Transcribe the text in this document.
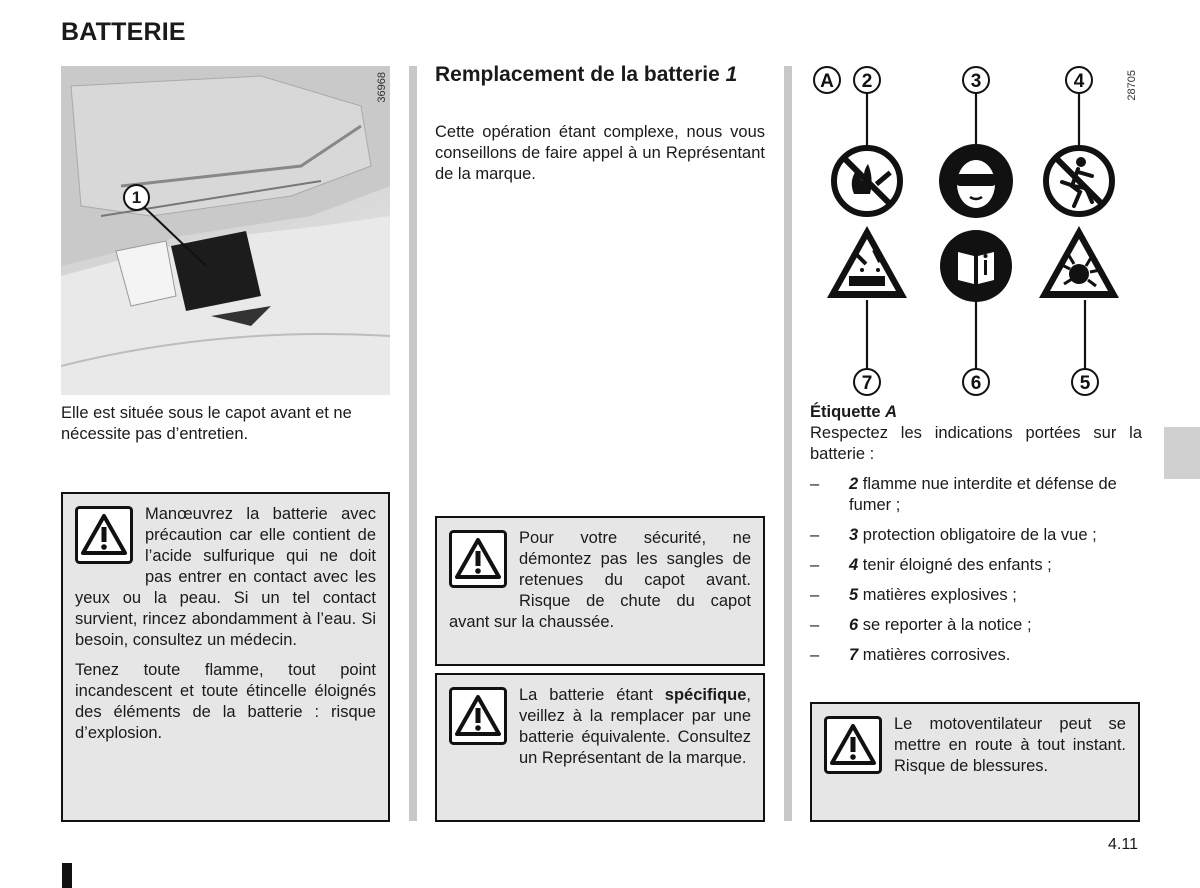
BATTERIE
36968
1
Elle est située sous le capot avant et ne nécessite pas d’entretien.

Manœuvrez la batterie avec précaution car elle contient de l’acide sulfurique qui ne doit pas entrer en contact avec les yeux ou la peau. Si un tel contact survient, rincez abondamment à l’eau. Si besoin, consultez un médecin.

Tenez toute flamme, tout point incandescent et toute étincelle éloignés des éléments de la batterie : risque d’explosion.

Remplacement de la batterie 1
Cette opération étant complexe, nous vous conseillons de faire appel à un Représentant de la marque.

Pour votre sécurité, ne démontez pas les sangles de retenues du capot avant. Risque de chute du capot avant sur la chaussée.

La batterie étant spécifique, veillez à la remplacer par une batterie équivalente. Consultez un Représentant de la marque.

A 2	3	4
7	6	5
28705
Étiquette A
Respectez les indications portées sur la batterie :
– 2 flamme nue interdite et défense de fumer ;
– 3 protection obligatoire de la vue ;
– 4 tenir éloigné des enfants ;
– 5 matières explosives ;
– 6 se reporter à la notice ;
– 7 matières corrosives.

Le motoventilateur peut se mettre en route à tout instant. Risque de blessures.

4.11
